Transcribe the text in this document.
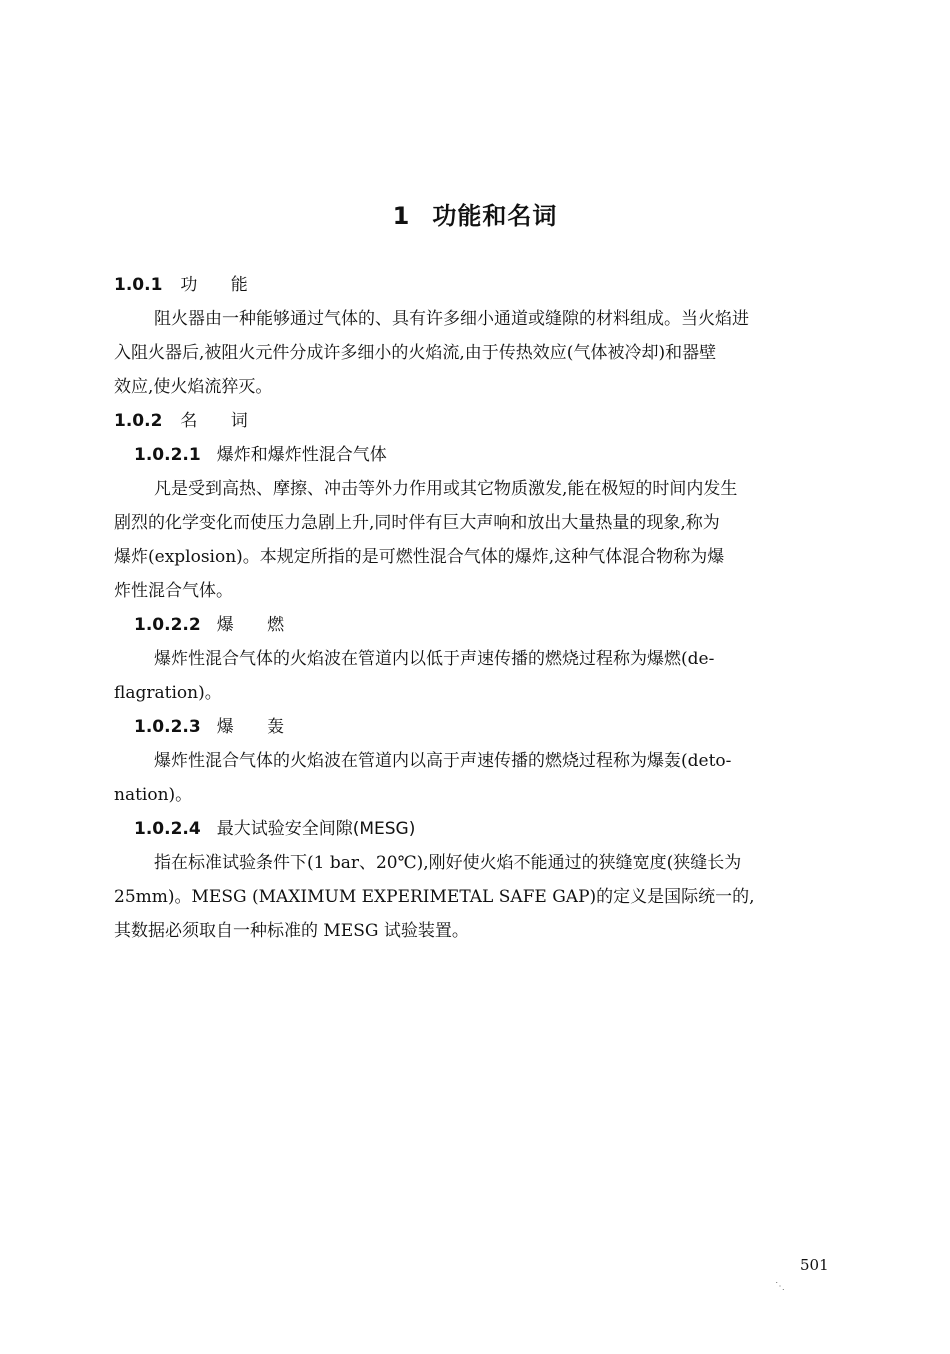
1 功能和名词
1.0.1 功 能
阻火器由一种能够通过气体的、具有许多细小通道或缝隙的材料组成。当火焰进
入阻火器后,被阻火元件分成许多细小的火焰流,由于传热效应(气体被冷却)和器壁
效应,使火焰流猝灭。
1.0.2 名 词
1.0.2.1 爆炸和爆炸性混合气体
凡是受到高热、摩擦、冲击等外力作用或其它物质激发,能在极短的时间内发生
剧烈的化学变化而使压力急剧上升,同时伴有巨大声响和放出大量热量的现象,称为
爆炸(explosion)。本规定所指的是可燃性混合气体的爆炸,这种气体混合物称为爆
炸性混合气体。
1.0.2.2 爆 燃
爆炸性混合气体的火焰波在管道内以低于声速传播的燃烧过程称为爆燃(de-
flagration)。
1.0.2.3 爆 轰
爆炸性混合气体的火焰波在管道内以高于声速传播的燃烧过程称为爆轰(deto-
nation)。
1.0.2.4 最大试验安全间隙(MESG)
指在标准试验条件下(1 bar、20℃),刚好使火焰不能通过的狭缝宽度(狭缝长为
25mm)。MESG (MAXIMUM EXPERIMETAL SAFE GAP)的定义是国际统一的,
其数据必须取自一种标准的 MESG 试验装置。
501
⋱
